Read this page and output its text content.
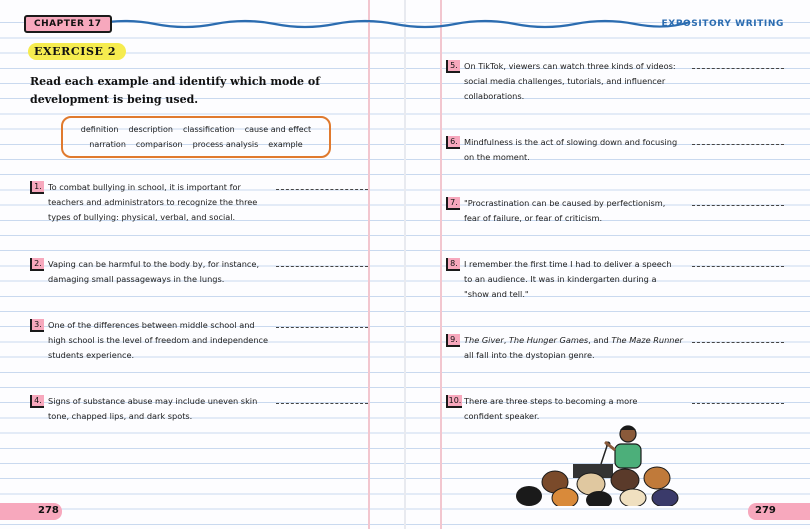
CHAPTER 17	EXPOSITORY WRITING
EXERCISE 2
Read each example and identify which mode of development is being used.
definition description classification cause and effect
narration comparison process analysis example
1. To combat bullying in school, it is important for
teachers and administrators to recognize the three
types of bullying: physical, verbal, and social.
2. Vaping can be harmful to the body by, for instance,
damaging small passageways in the lungs.
3. One of the differences between middle school and
high school is the level of freedom and independence
students experience.
4. Signs of substance abuse may include uneven skin
tone, chapped lips, and dark spots.
5. On TikTok, viewers can watch three kinds of videos:
social media challenges, tutorials, and influencer
collaborations.
6. Mindfulness is the act of slowing down and focusing
on the moment.
7. "Procrastination can be caused by perfectionism,
fear of failure, or fear of criticism.
8. I remember the first time I had to deliver a speech
to an audience. It was in kindergarten during a
"show and tell."
9. The Giver, The Hunger Games, and The Maze Runner
all fall into the dystopian genre.
10. There are three steps to becoming a more
confident speaker.
278	279
